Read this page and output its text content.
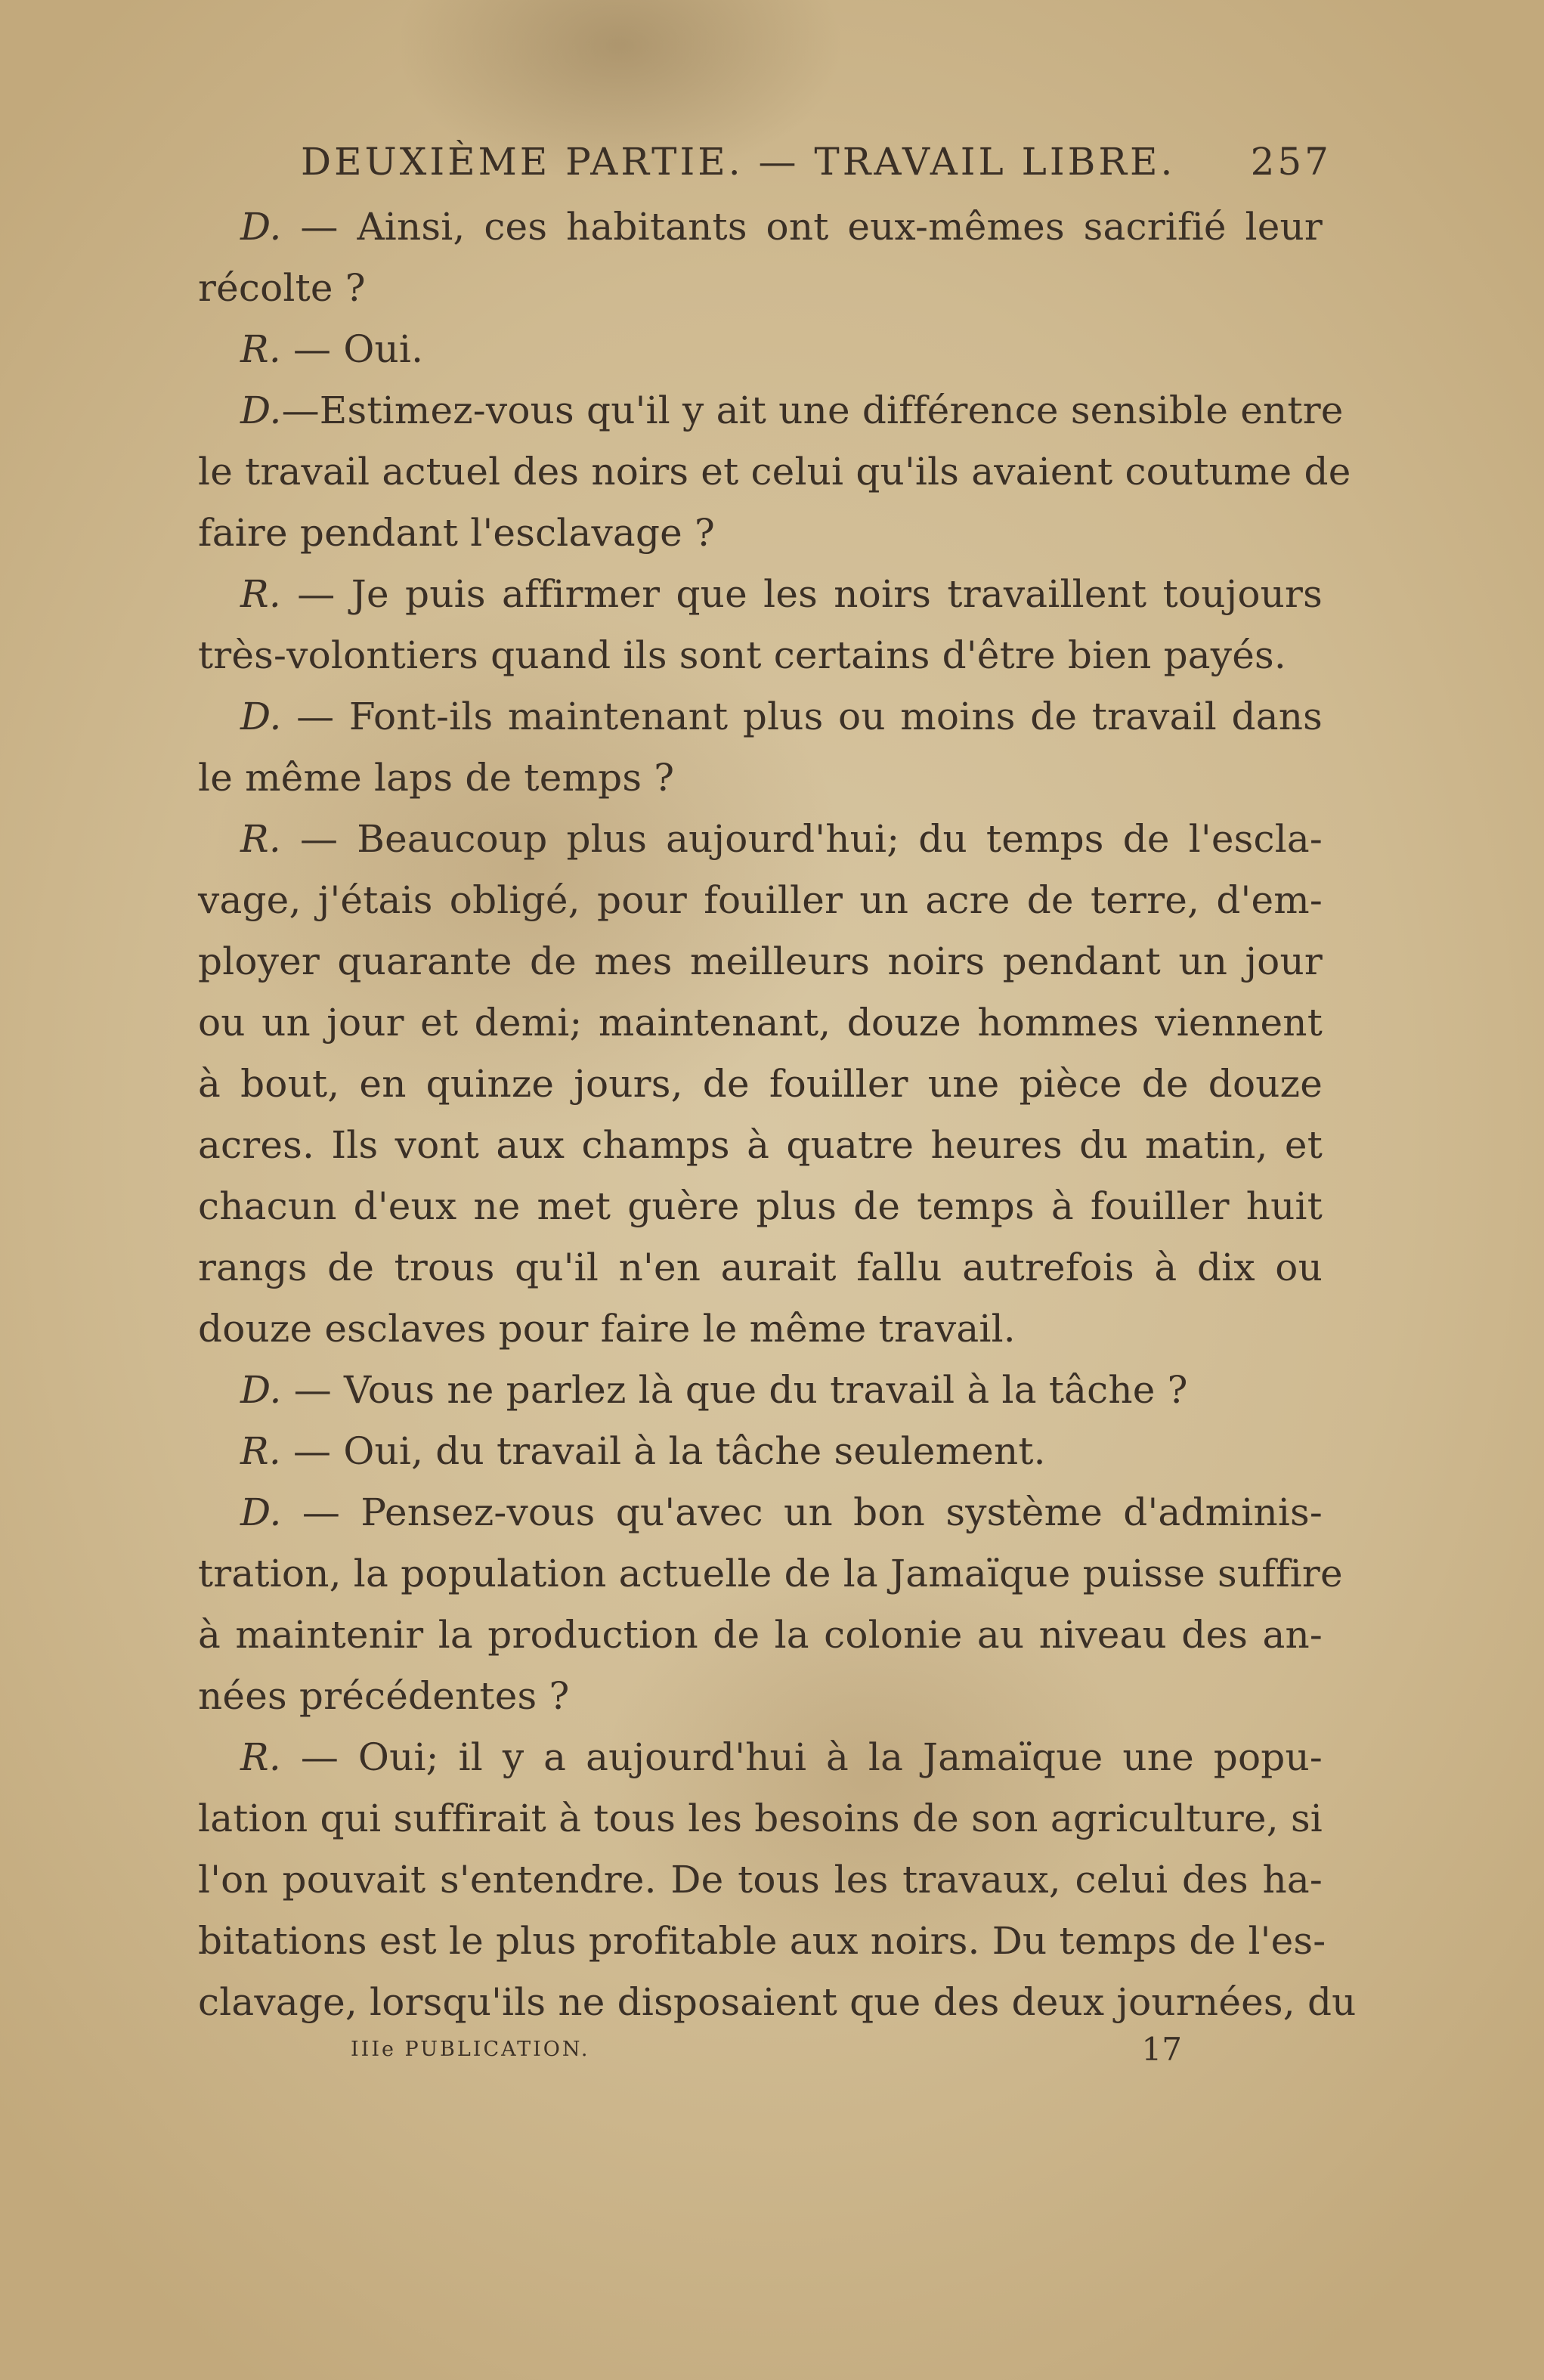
DEUXIÈME PARTIE. — TRAVAIL LIBRE. 257
D. — Ainsi, ces habitants ont eux-mêmes sacrifié leur
récolte ?
R. — Oui.
D.—Estimez-vous qu'il y ait une différence sensible entre
le travail actuel des noirs et celui qu'ils avaient coutume de
faire pendant l'esclavage ?
R. — Je puis affirmer que les noirs travaillent toujours
très-volontiers quand ils sont certains d'être bien payés.
D. — Font-ils maintenant plus ou moins de travail dans
le même laps de temps ?
R. — Beaucoup plus aujourd'hui; du temps de l'escla-
vage, j'étais obligé, pour fouiller un acre de terre, d'em-
ployer quarante de mes meilleurs noirs pendant un jour
ou un jour et demi; maintenant, douze hommes viennent
à bout, en quinze jours, de fouiller une pièce de douze
acres. Ils vont aux champs à quatre heures du matin, et
chacun d'eux ne met guère plus de temps à fouiller huit
rangs de trous qu'il n'en aurait fallu autrefois à dix ou
douze esclaves pour faire le même travail.
D. — Vous ne parlez là que du travail à la tâche ?
R. — Oui, du travail à la tâche seulement.
D. — Pensez-vous qu'avec un bon système d'adminis-
tration, la population actuelle de la Jamaïque puisse suffire
à maintenir la production de la colonie au niveau des an-
nées précédentes ?
R. — Oui; il y a aujourd'hui à la Jamaïque une popu-
lation qui suffirait à tous les besoins de son agriculture, si
l'on pouvait s'entendre. De tous les travaux, celui des ha-
bitations est le plus profitable aux noirs. Du temps de l'es-
clavage, lorsqu'ils ne disposaient que des deux journées, du
IIIe PUBLICATION.	17
